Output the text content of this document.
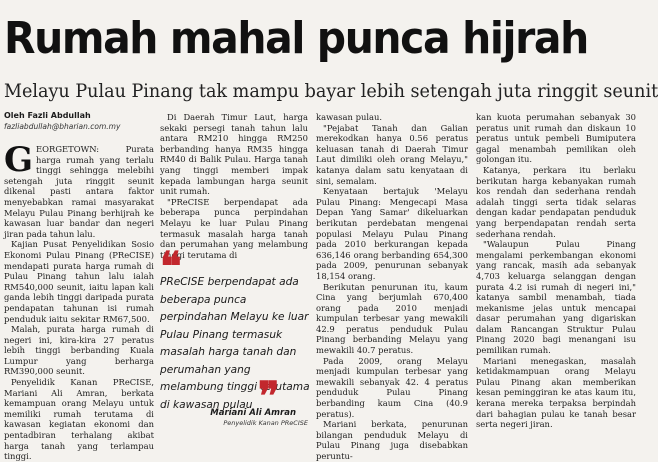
Rumah mahal punca hijrah
Melayu Pulau Pinang tak mampu bayar lebih setengah juta ringgit seunit
Oleh Fazli Abdullah
fazliabdullah@bharian.com.my

GEORGETOWN: Purata harga rumah yang terlalu tinggi sehingga melebihi setengah juta ringgit seunit dikenal pasti antara faktor menyebabkan ramai masyarakat Melayu Pulau Pinang berhijrah ke kawasan luar bandar dan negeri jiran pada tahun lalu.

Kajian Pusat Penyelidikan Sosio Ekonomi Pulau Pinang (PReCISE) mendapati purata harga rumah di Pulau Pinang tahun lalu ialah RM540,000 seunit, iaitu lapan kali ganda lebih tinggi daripada purata pendapatan tahunan isi rumah penduduk iaitu sekitar RM67,500.

Malah, purata harga rumah di negeri ini, kira-kira 27 peratus lebih tinggi berbanding Kuala Lumpur yang berharga RM390,000 seunit.

Penyelidik Kanan PReCISE, Mariani Ali Amran, berkata kemampuan orang Melayu untuk memiliki rumah terutama di kawasan kegiatan ekonomi dan pentadbiran terhalang akibat harga tanah yang terlampau tinggi.

Di Daerah Timur Laut, harga sekaki persegi tanah tahun lalu antara RM210 hingga RM250 berbanding hanya RM35 hingga RM40 di Balik Pulau. Harga tanah yang tinggi memberi impak kepada lambungan harga seunit unit rumah.

"PReCISE berpendapat ada beberapa punca perpindahan Melayu ke luar Pulau Pinang termasuk masalah harga tanah dan perumahan yang melambung tinggi terutama di

❝
PReCISE berpendapat ada beberapa punca perpindahan Melayu ke luar Pulau Pinang termasuk masalah harga tanah dan perumahan yang melambung tinggi terutama di kawasan pulau ❞
Mariani Ali Amran
Penyelidik Kanan PReCISE

kawasan pulau.

"Pejabat Tanah dan Galian merekodkan hanya 0.56 peratus keluasan tanah di Daerah Timur Laut dimiliki oleh orang Melayu," katanya dalam satu kenyataan di sini, semalam.

Kenyataan bertajuk 'Melayu Pulau Pinang: Mengecapi Masa Depan Yang Samar' dikeluarkan berikutan perdebatan mengenai populasi Melayu Pulau Pinang pada 2010 berkurangan kepada 636,146 orang berbanding 654,300 pada 2009, penurunan sebanyak 18,154 orang.

Berikutan penurunan itu, kaum Cina yang berjumlah 670,400 orang pada 2010 menjadi kumpulan terbesar yang mewakili 42.9 peratus penduduk Pulau Pinang berbanding Melayu yang mewakili 40.7 peratus.

Pada 2009, orang Melayu menjadi kumpulan terbesar yang mewakili sebanyak 42. 4 peratus penduduk Pulau Pinang berbanding kaum Cina (40.9 peratus).

Mariani berkata, penurunan bilangan penduduk Melayu di Pulau Pinang juga disebabkan peruntu-

kan kuota perumahan sebanyak 30 peratus unit rumah dan diskaun 10 peratus untuk pembeli Bumiputera gagal menambah pemilikan oleh golongan itu.

Katanya, perkara itu berlaku berikutan harga kebanyakan rumah kos rendah dan sederhana rendah adalah tinggi serta tidak selaras dengan kadar pendapatan penduduk yang berpendapatan rendah serta sederhana rendah.

"Walaupun Pulau Pinang mengalami perkembangan ekonomi yang rancak, masih ada sebanyak 4,703 keluarga selanggan dengan purata 4.2 isi rumah di negeri ini," katanya sambil menambah, tiada mekanisme jelas untuk mencapai dasar perumahan yang digariskan dalam Rancangan Struktur Pulau Pinang 2020 bagi menangani isu pemilikan rumah.

Mariani menegaskan, masalah ketidakmampuan orang Melayu Pulau Pinang akan memberikan kesan peminggiran ke atas kaum itu, kerana mereka terpaksa berpindah dari bahagian pulau ke tanah besar serta negeri jiran.
